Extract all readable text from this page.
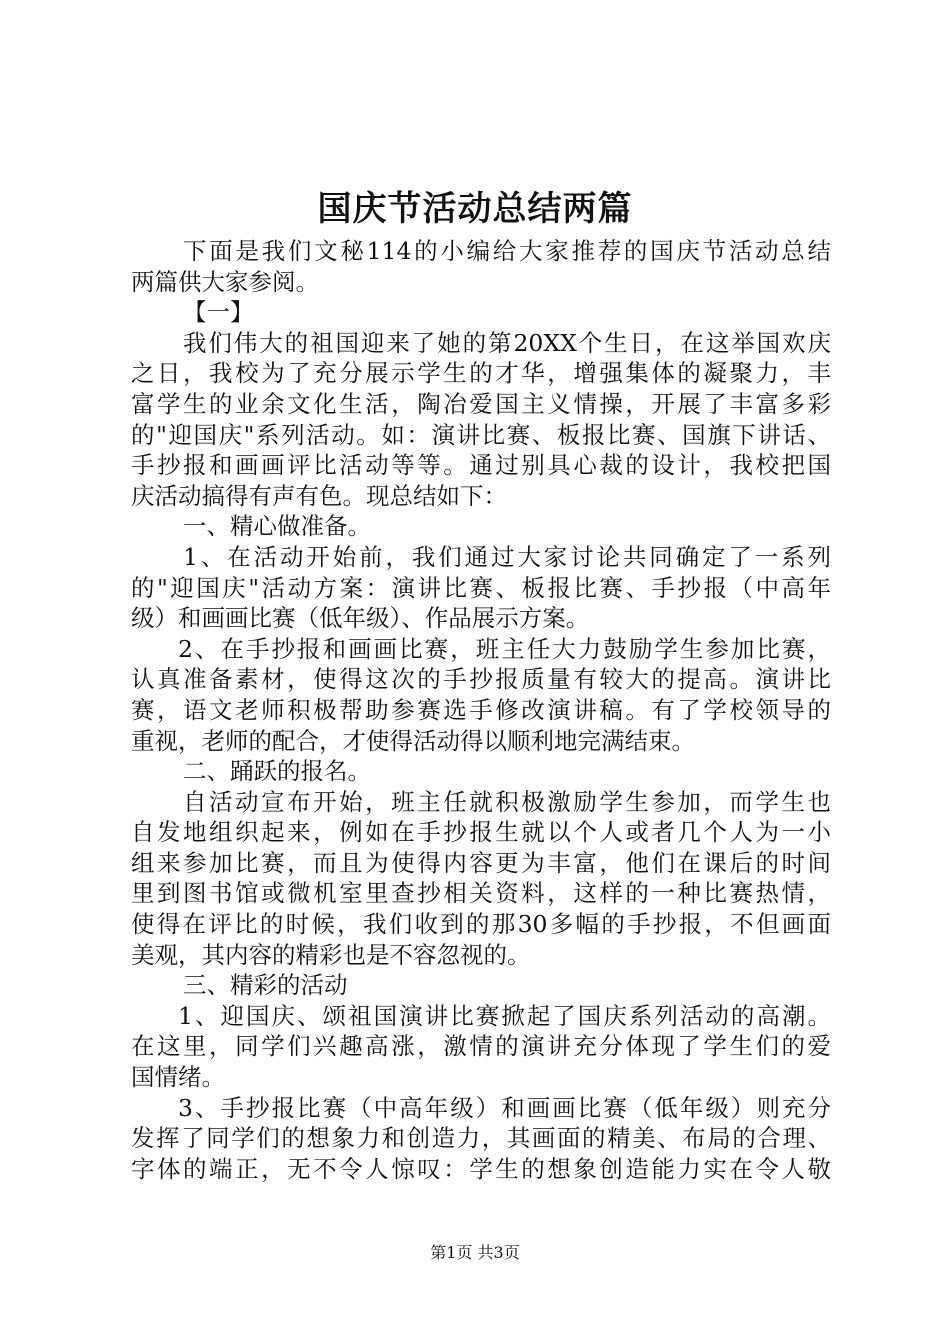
国庆节活动总结两篇
下面是我们文秘114的小编给大家推荐的国庆节活动总结
两篇供大家参阅。
【一】
我们伟大的祖国迎来了她的第20XX个生日，在这举国欢庆
之日，我校为了充分展示学生的才华，增强集体的凝聚力，丰
富学生的业余文化生活，陶冶爱国主义情操，开展了丰富多彩
的"迎国庆"系列活动。如：演讲比赛、板报比赛、国旗下讲话、
手抄报和画画评比活动等等。通过别具心裁的设计，我校把国
庆活动搞得有声有色。现总结如下：
一、精心做准备。
1、在活动开始前，我们通过大家讨论共同确定了一系列
的"迎国庆"活动方案：演讲比赛、板报比赛、手抄报（中高年
级）和画画比赛（低年级）、作品展示方案。
2、在手抄报和画画比赛，班主任大力鼓励学生参加比赛，
认真准备素材，使得这次的手抄报质量有较大的提高。演讲比
赛，语文老师积极帮助参赛选手修改演讲稿。有了学校领导的
重视，老师的配合，才使得活动得以顺利地完满结束。
二、踊跃的报名。
自活动宣布开始，班主任就积极激励学生参加，而学生也
自发地组织起来，例如在手抄报生就以个人或者几个人为一小
组来参加比赛，而且为使得内容更为丰富，他们在课后的时间
里到图书馆或微机室里查抄相关资料，这样的一种比赛热情，
使得在评比的时候，我们收到的那30多幅的手抄报，不但画面
美观，其内容的精彩也是不容忽视的。
三、精彩的活动
1、迎国庆、颂祖国演讲比赛掀起了国庆系列活动的高潮。
在这里，同学们兴趣高涨，激情的演讲充分体现了学生们的爱
国情绪。
3、手抄报比赛（中高年级）和画画比赛（低年级）则充分
发挥了同学们的想象力和创造力，其画面的精美、布局的合理、
字体的端正，无不令人惊叹：学生的想象创造能力实在令人敬
第1页 共3页
